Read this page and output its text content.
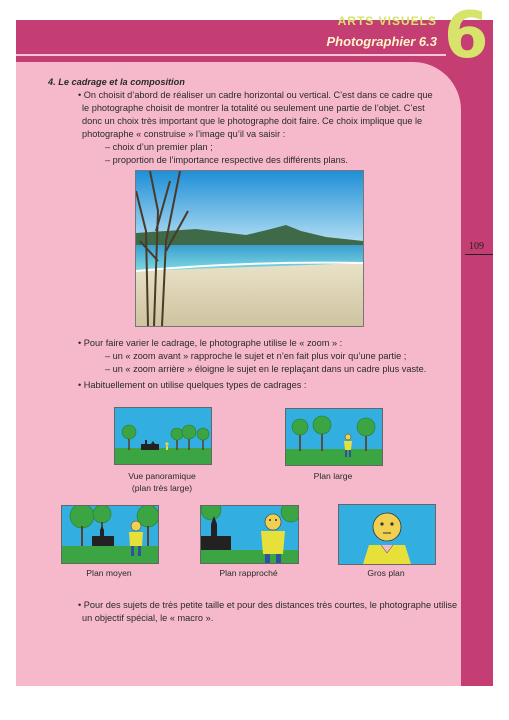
ARTS VISUELS
Photographier 6.3 6
109
4. Le cadrage et la composition
• On choisit d’abord de réaliser un cadre horizontal ou vertical. C’est dans ce cadre que
le photographe choisit de montrer la totalité ou seulement une partie de l’objet. C’est
donc un choix très important que le photographe doit faire. Ce choix implique que le
photographe « construise » l’image qu’il va saisir :
– choix d’un premier plan ;
– proportion de l’importance respective des différents plans.
• Pour faire varier le cadrage, le photographe utilise le « zoom » :
– un « zoom avant » rapproche le sujet et n’en fait plus voir qu’une partie ;
– un « zoom arrière » éloigne le sujet en le replaçant dans un cadre plus vaste.
• Habituellement on utilise quelques types de cadrages :
Vue panoramique
(plan très large)
Plan large
Plan moyen	Plan rapproché	Gros plan
• Pour des sujets de très petite taille et pour des distances très courtes, le photographe utilise
un objectif spécial, le « macro ».
